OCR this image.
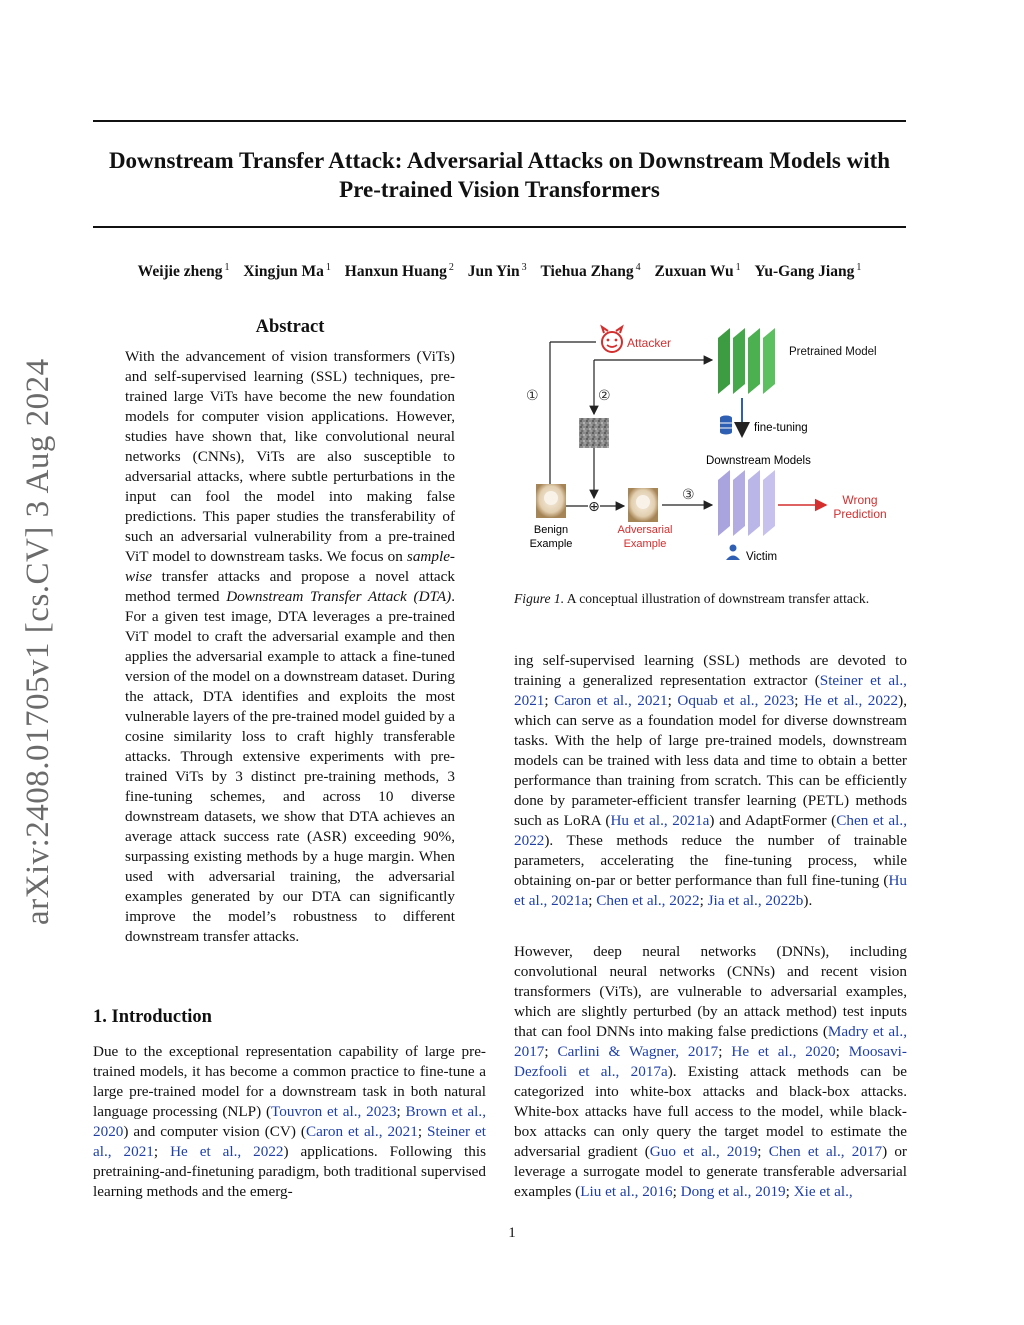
Downstream Transfer Attack: Adversarial Attacks on Downstream Models with
Pre-trained Vision Transformers
Weijie zheng $^1$ Xingjun Ma $^1$ Hanxun Huang $^2$ Jun Yin $^3$ Tiehua Zhang $^4$ Zuxuan Wu $^1$ Yu-Gang Jiang $^1$
arXiv:2408.01705v1 [cs.CV] 3 Aug 2024
Abstract

With the advancement of vision transformers (ViTs) and self-supervised learning (SSL) techniques, pre-trained large ViTs have become the new foundation models for computer vision applications. However, studies have shown that, like convolutional neural networks (CNNs), ViTs are also susceptible to adversarial attacks, where subtle perturbations in the input can fool the model into making false predictions. This paper studies the transferability of such an adversarial vulnerability from a pre-trained ViT model to downstream tasks. We focus on sample-wise transfer attacks and propose a novel attack method termed Downstream Transfer Attack (DTA). For a given test image, DTA leverages a pre-trained ViT model to craft the adversarial example and then applies the adversarial example to attack a fine-tuned version of the model on a downstream dataset. During the attack, DTA identifies and exploits the most vulnerable layers of the pre-trained model guided by a cosine similarity loss to craft highly transferable attacks. Through extensive experiments with pre-trained ViTs by 3 distinct pre-training methods, 3 fine-tuning schemes, and across 10 diverse downstream datasets, we show that DTA achieves an average attack success rate (ASR) exceeding 90%, surpassing existing methods by a huge margin. When used with adversarial training, the adversarial examples generated by our DTA can significantly improve the model’s robustness to different downstream transfer attacks.

1. Introduction

Due to the exceptional representation capability of large pre-trained models, it has become a common practice to fine-tune a large pre-trained model for a downstream task in both natural language processing (NLP) (Touvron et al., 2023; Brown et al., 2020) and computer vision (CV) (Caron et al., 2021; Steiner et al., 2021; He et al., 2022) applications. Following this pretraining-and-finetuning paradigm, both traditional supervised learning methods and the emerg-

Attacker
Pretrained Model
①	②
Benign
Example
⊕
Adversarial
Example
③
fine-tuning
Downstream Models
Victim
Wrong
Prediction
Figure 1. A conceptual illustration of downstream transfer attack.

ing self-supervised learning (SSL) methods are devoted to training a generalized representation extractor (Steiner et al., 2021; Caron et al., 2021; Oquab et al., 2023; He et al., 2022), which can serve as a foundation model for diverse downstream tasks. With the help of large pre-trained models, downstream models can be trained with less data and time to obtain a better performance than training from scratch. This can be efficiently done by parameter-efficient transfer learning (PETL) methods such as LoRA (Hu et al., 2021a) and AdaptFormer (Chen et al., 2022). These methods reduce the number of trainable parameters, accelerating the fine-tuning process, while obtaining on-par or better performance than full fine-tuning (Hu et al., 2021a; Chen et al., 2022; Jia et al., 2022b).

However, deep neural networks (DNNs), including convolutional neural networks (CNNs) and recent vision transformers (ViTs), are vulnerable to adversarial examples, which are slightly perturbed (by an attack method) test inputs that can fool DNNs into making false predictions (Madry et al., 2017; Carlini & Wagner, 2017; He et al., 2020; Moosavi-Dezfooli et al., 2017a). Existing attack methods can be categorized into white-box attacks and black-box attacks. White-box attacks have full access to the model, while black-box attacks can only query the target model to estimate the adversarial gradient (Guo et al., 2019; Chen et al., 2017) or leverage a surrogate model to generate transferable adversarial examples (Liu et al., 2016; Dong et al., 2019; Xie et al.,

1
